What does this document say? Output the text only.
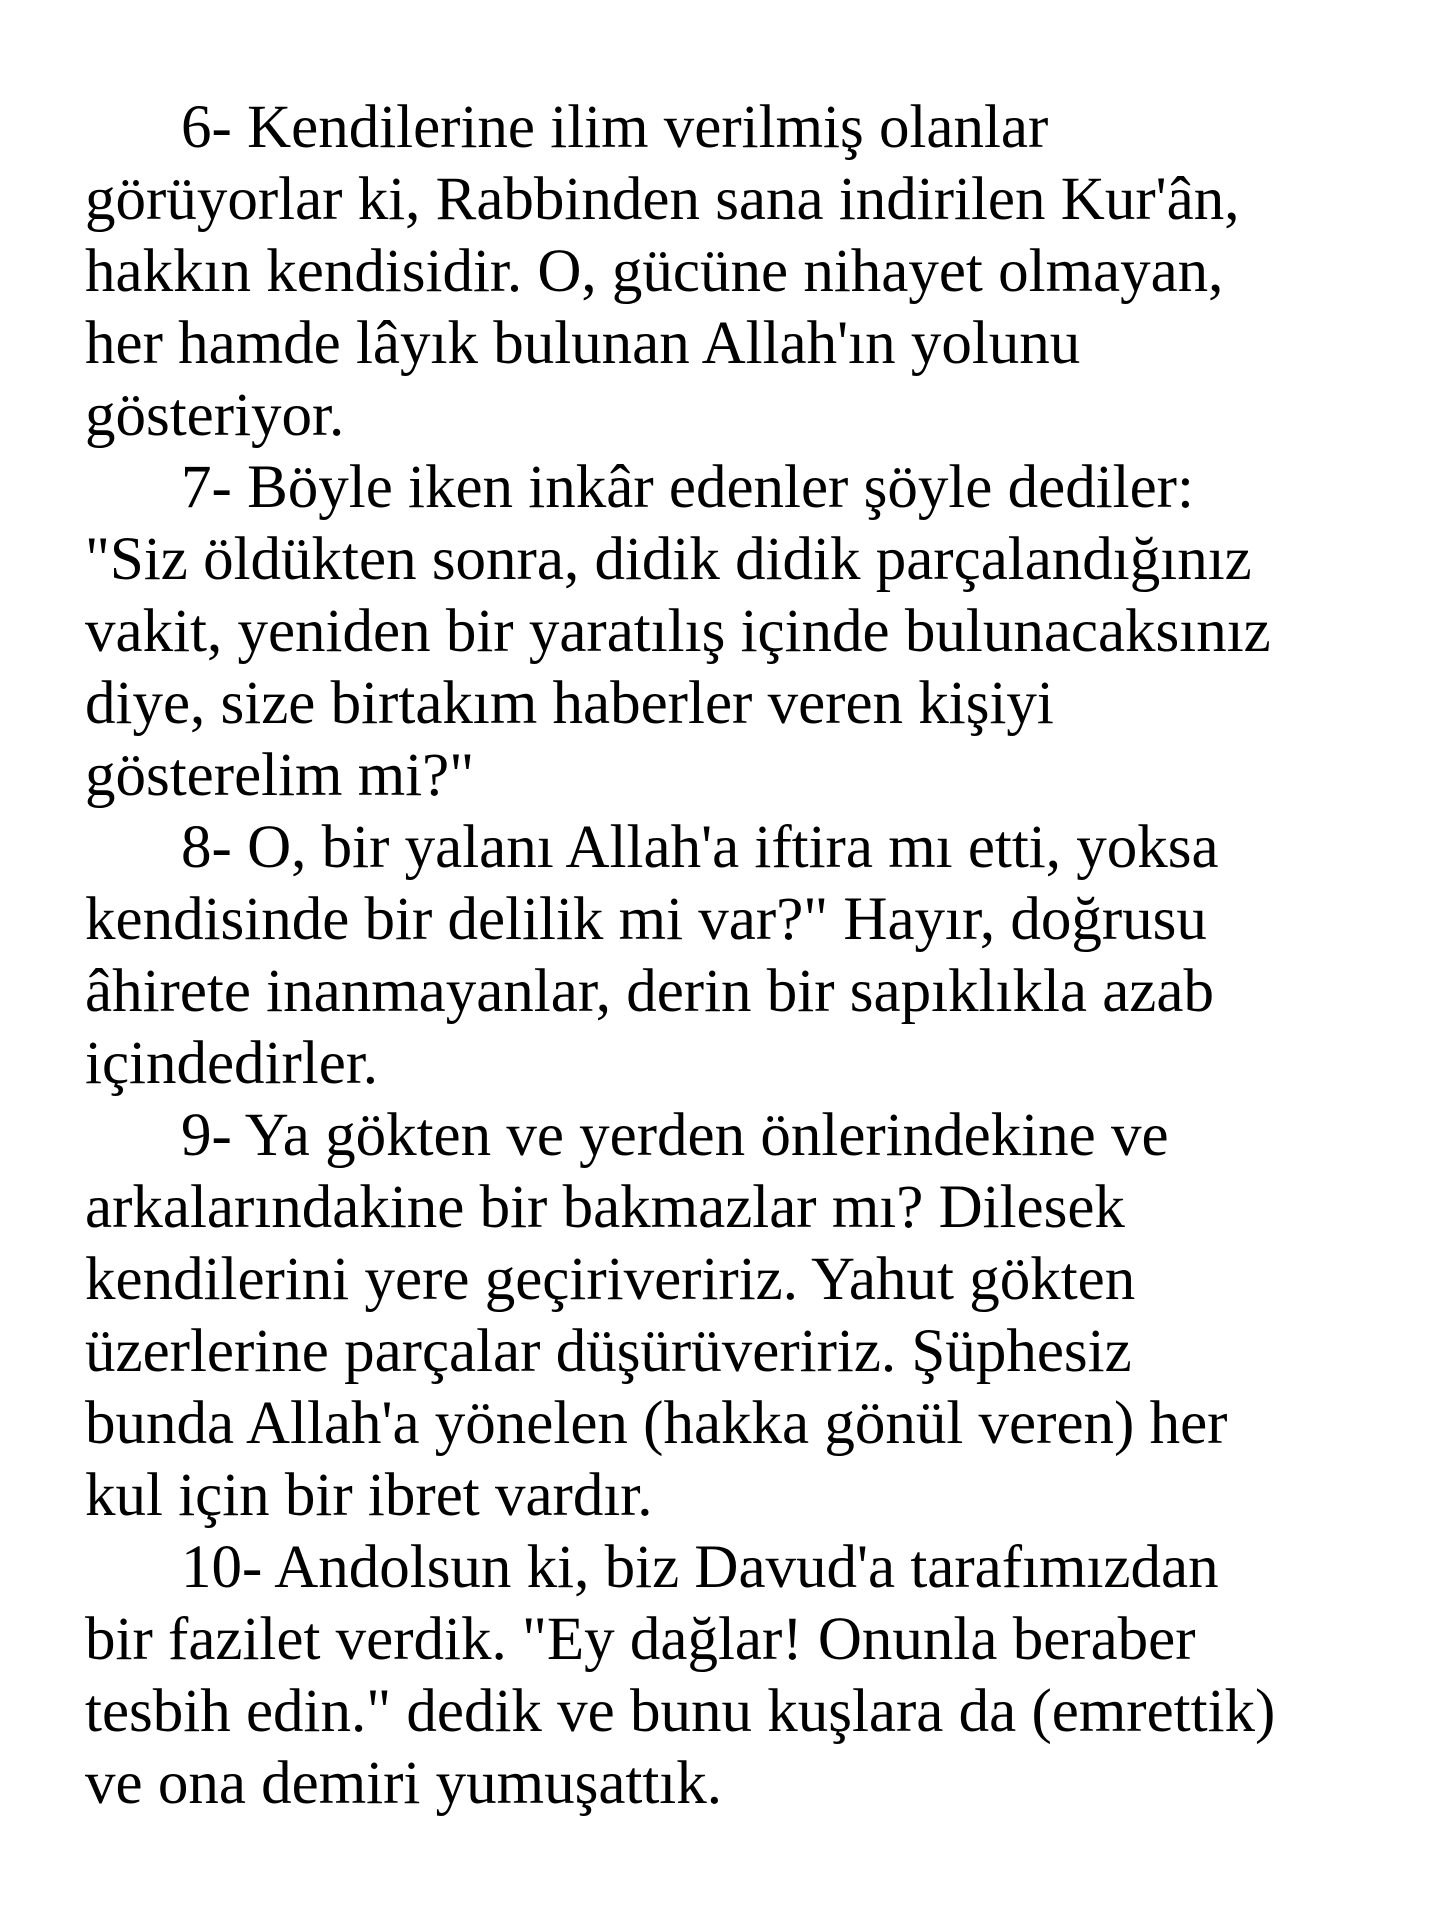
6- Kendilerine ilim verilmiş olanlar
görüyorlar ki, Rabbinden sana indirilen Kur'ân,
hakkın kendisidir. O, gücüne nihayet olmayan,
her hamde lâyık bulunan Allah'ın yolunu
gösteriyor.

7- Böyle iken inkâr edenler şöyle dediler:
"Siz öldükten sonra, didik didik parçalandığınız
vakit, yeniden bir yaratılış içinde bulunacaksınız
diye, size birtakım haberler veren kişiyi
gösterelim mi?"

8- O, bir yalanı Allah'a iftira mı etti, yoksa
kendisinde bir delilik mi var?" Hayır, doğrusu
âhirete inanmayanlar, derin bir sapıklıkla azab
içindedirler.

9- Ya gökten ve yerden önlerindekine ve
arkalarındakine bir bakmazlar mı? Dilesek
kendilerini yere geçiriveririz. Yahut gökten
üzerlerine parçalar düşürüveririz. Şüphesiz
bunda Allah'a yönelen (hakka gönül veren) her
kul için bir ibret vardır.

10- Andolsun ki, biz Davud'a tarafımızdan
bir fazilet verdik. "Ey dağlar! Onunla beraber
tesbih edin." dedik ve bunu kuşlara da (emrettik)
ve ona demiri yumuşattık.
